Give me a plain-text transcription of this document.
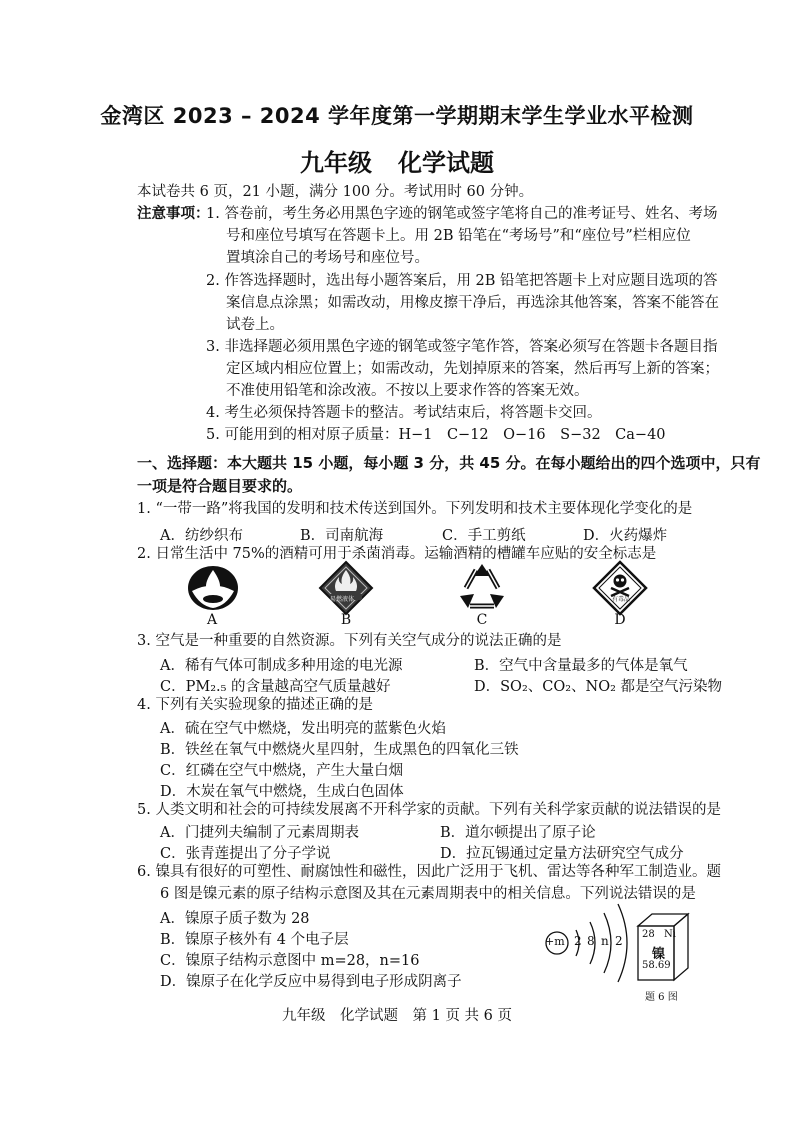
金湾区 2023 – 2024 学年度第一学期期末学生学业水平检测
九年级 化学试题
本试卷共 6 页，21 小题，满分 100 分。考试用时 60 分钟。
注意事项：
1. 答卷前，考生务必用黑色字迹的钢笔或签字笔将自己的准考证号、姓名、考场
号和座位号填写在答题卡上。用 2B 铅笔在“考场号”和“座位号”栏相应位
置填涂自己的考场号和座位号。
2. 作答选择题时，选出每小题答案后，用 2B 铅笔把答题卡上对应题目选项的答
案信息点涂黑；如需改动，用橡皮擦干净后，再选涂其他答案，答案不能答在
试卷上。
3. 非选择题必须用黑色字迹的钢笔或签字笔作答，答案必须写在答题卡各题目指
定区域内相应位置上；如需改动，先划掉原来的答案，然后再写上新的答案；
不准使用铅笔和涂改液。不按以上要求作答的答案无效。
4. 考生必须保持答题卡的整洁。考试结束后，将答题卡交回。
5. 可能用到的相对原子质量：H−1　C−12　O−16　S−32　Ca−40
一、选择题：本大题共 15 小题，每小题 3 分，共 45 分。在每小题给出的四个选项中，只有
一项是符合题目要求的。
1. “一带一路”将我国的发明和技术传送到国外。下列发明和技术主要体现化学变化的是
A．纺纱织布	B．司南航海	C．手工剪纸	D．火药爆炸
2. 日常生活中 75%的酒精可用于杀菌消毒。运输酒精的槽罐车应贴的安全标志是
A
易燃液体
B	C
有毒品
D
3. 空气是一种重要的自然资源。下列有关空气成分的说法正确的是
A．稀有气体可制成多种用途的电光源	B．空气中含量最多的气体是氧气
C．PM₂.₅ 的含量越高空气质量越好	D．SO₂、CO₂、NO₂ 都是空气污染物
4. 下列有关实验现象的描述正确的是
A．硫在空气中燃烧，发出明亮的蓝紫色火焰
B．铁丝在氧气中燃烧火星四射，生成黑色的四氧化三铁
C．红磷在空气中燃烧，产生大量白烟
D．木炭在氧气中燃烧，生成白色固体
5. 人类文明和社会的可持续发展离不开科学家的贡献。下列有关科学家贡献的说法错误的是
A．门捷列夫编制了元素周期表	B．道尔顿提出了原子论
C．张青莲提出了分子学说	D．拉瓦锡通过定量方法研究空气成分
6. 镍具有很好的可塑性、耐腐蚀性和磁性，因此广泛用于飞机、雷达等各种军工制造业。题
6 图是镍元素的原子结构示意图及其在元素周期表中的相关信息。下列说法错误的是
A．镍原子质子数为 28
B．镍原子核外有 4 个电子层
C．镍原子结构示意图中 m=28，n=16
D．镍原子在化学反应中易得到电子形成阴离子
+m 2 8 n 2 28 Ni
镍
58.69
题 6 图
九年级　化学试题　第 1 页 共 6 页
